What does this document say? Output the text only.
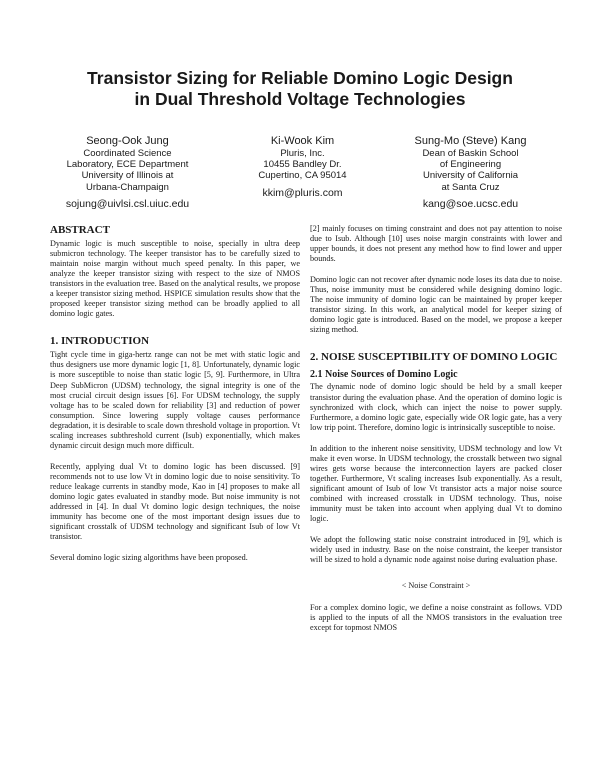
Transistor Sizing for Reliable Domino Logic Design
in Dual Threshold Voltage Technologies
Seong-Ook Jung
Coordinated Science
Laboratory, ECE Department
University of Illinois at
Urbana-Champaign
sojung@uivlsi.csl.uiuc.edu
Ki-Wook Kim
Pluris, Inc.
10455 Bandley Dr.
Cupertino, CA 95014
kkim@pluris.com
Sung-Mo (Steve) Kang
Dean of Baskin School
of Engineering
University of California
at Santa Cruz
kang@soe.ucsc.edu
ABSTRACT

Dynamic logic is much susceptible to noise, specially in ultra deep submicron technology. The keeper transistor has to be carefully sized to maintain noise margin without much speed penalty. In this paper, we analyze the keeper transistor sizing with respect to the size of NMOS transistors in the evaluation tree. Based on the analytical results, we propose a keeper transistor sizing method. HSPICE simulation results show that the proposed keeper transistor sizing method can be broadly applied to all domino logic gates.

1. INTRODUCTION

Tight cycle time in giga-hertz range can not be met with static logic and thus designers use more dynamic logic [1, 8]. Unfortunately, dynamic logic is more susceptible to noise than static logic [5, 9]. Furthermore, in Ultra Deep SubMicron (UDSM) technology, the signal integrity is one of the most crucial circuit design issues [6]. For UDSM technology, the supply voltage has to be scaled down for reliability [3] and reduction of power consumption. Since lowering supply voltage causes performance degradation, it is desirable to scale down threshold voltage in proportion. Vt scaling increases subthreshold current (Isub) exponentially, which makes dynamic circuit design much more difficult.

Recently, applying dual Vt to domino logic has been discussed. [9] recommends not to use low Vt in domino logic due to noise sensitivity. To reduce leakage currents in standby mode, Kao in [4] proposes to make all domino logic gates evaluated in standby mode. But noise immunity is not addressed in [4]. In dual Vt domino logic design techniques, the noise immunity has become one of the most important design issues due to significant crosstalk of UDSM technology and significant Isub of low Vt transistor.

Several domino logic sizing algorithms have been proposed.

[2] mainly focuses on timing constraint and does not pay attention to noise due to Isub. Although [10] uses noise margin constraints with lower and upper bounds, it does not present any method how to find lower and upper bounds.

Domino logic can not recover after dynamic node loses its data due to noise. Thus, noise immunity must be considered while designing domino logic. The noise immunity of domino logic can be maintained by proper keeper transistor sizing. In this work, an analytical model for keeper sizing of domino logic gate is introduced. Based on the model, we propose a keeper sizing method.

2. NOISE SUSCEPTIBILITY OF DOMINO LOGIC
2.1 Noise Sources of Domino Logic

The dynamic node of domino logic should be held by a small keeper transistor during the evaluation phase. And the operation of domino logic is synchronized with clock, which can inject the noise to power supply. Furthermore, a domino logic gate, especially wide OR logic gate, has a very low trip point. Therefore, domino logic is intrinsically susceptible to noise.

In addition to the inherent noise sensitivity, UDSM technology and low Vt make it even worse. In UDSM technology, the crosstalk between two signal wires gets worse because the interconnection layers are packed closer together. Furthermore, Vt scaling increases Isub exponentially. As a result, significant amount of Isub of low Vt transistor acts a major noise source combined with increased crosstalk in UDSM technology. Thus, noise immunity must be taken into account when applying dual Vt to domino logic.

We adopt the following static noise constraint introduced in [9], which is widely used in industry. Base on the noise constraint, the keeper transistor will be sized to hold a dynamic node against noise during evaluation phase.

< Noise Constraint >

For a complex domino logic, we define a noise constraint as follows. VDD is applied to the inputs of all the NMOS transistors in the evaluation tree except for topmost NMOS
